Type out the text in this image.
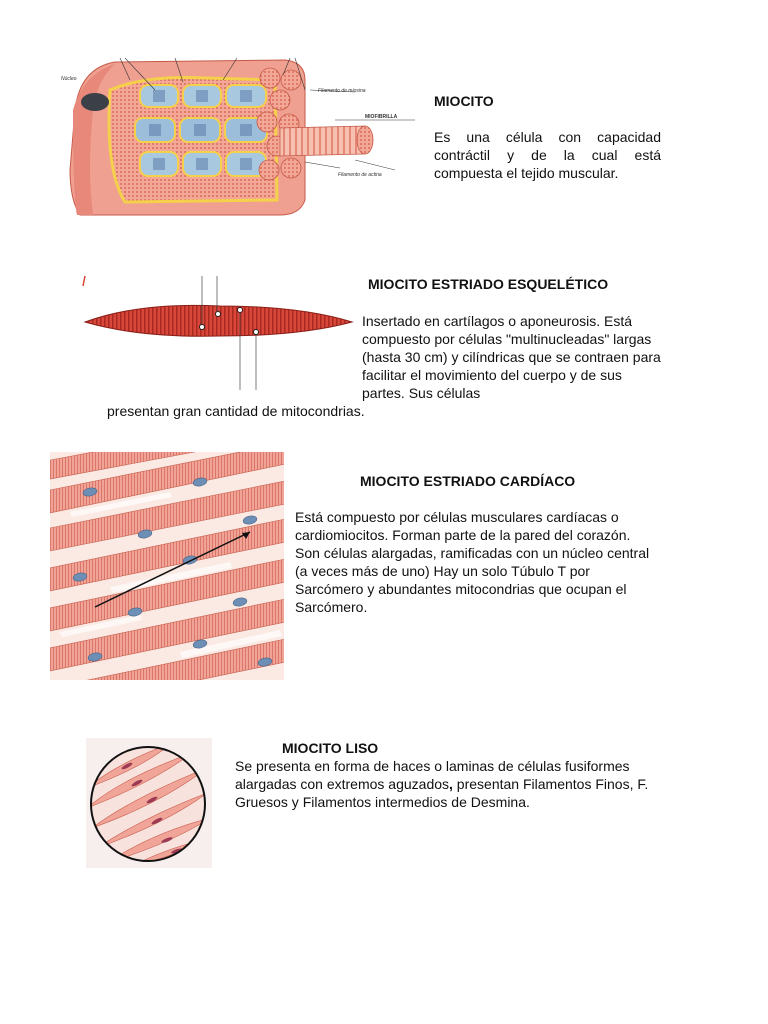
Núcleo
Filamento de miosina
MIOFIBRILLA
Filamento de actina
MIOCITO
Es una célula con capacidad contráctil y de la cual está compuesta el tejido muscular.
MIOCITO ESTRIADO ESQUELÉTICO
Insertado en cartílagos o aponeurosis. Está compuesto por células "multinucleadas" largas (hasta 30 cm) y cilíndricas que se contraen para facilitar el movimiento del cuerpo y de sus partes. Sus células
presentan gran cantidad de mitocondrias.
MIOCITO ESTRIADO CARDÍACO
Está compuesto por células musculares cardíacas o cardiomiocitos. Forman parte de la pared del corazón. Son células alargadas, ramificadas con un núcleo central (a veces más de uno) Hay un solo Túbulo T por Sarcómero y abundantes mitocondrias que ocupan el Sarcómero.
MIOCITO LISO
Se presenta en forma de haces o laminas de células fusiformes alargadas con extremos aguzados, presentan Filamentos Finos, F. Gruesos y Filamentos intermedios de Desmina.
